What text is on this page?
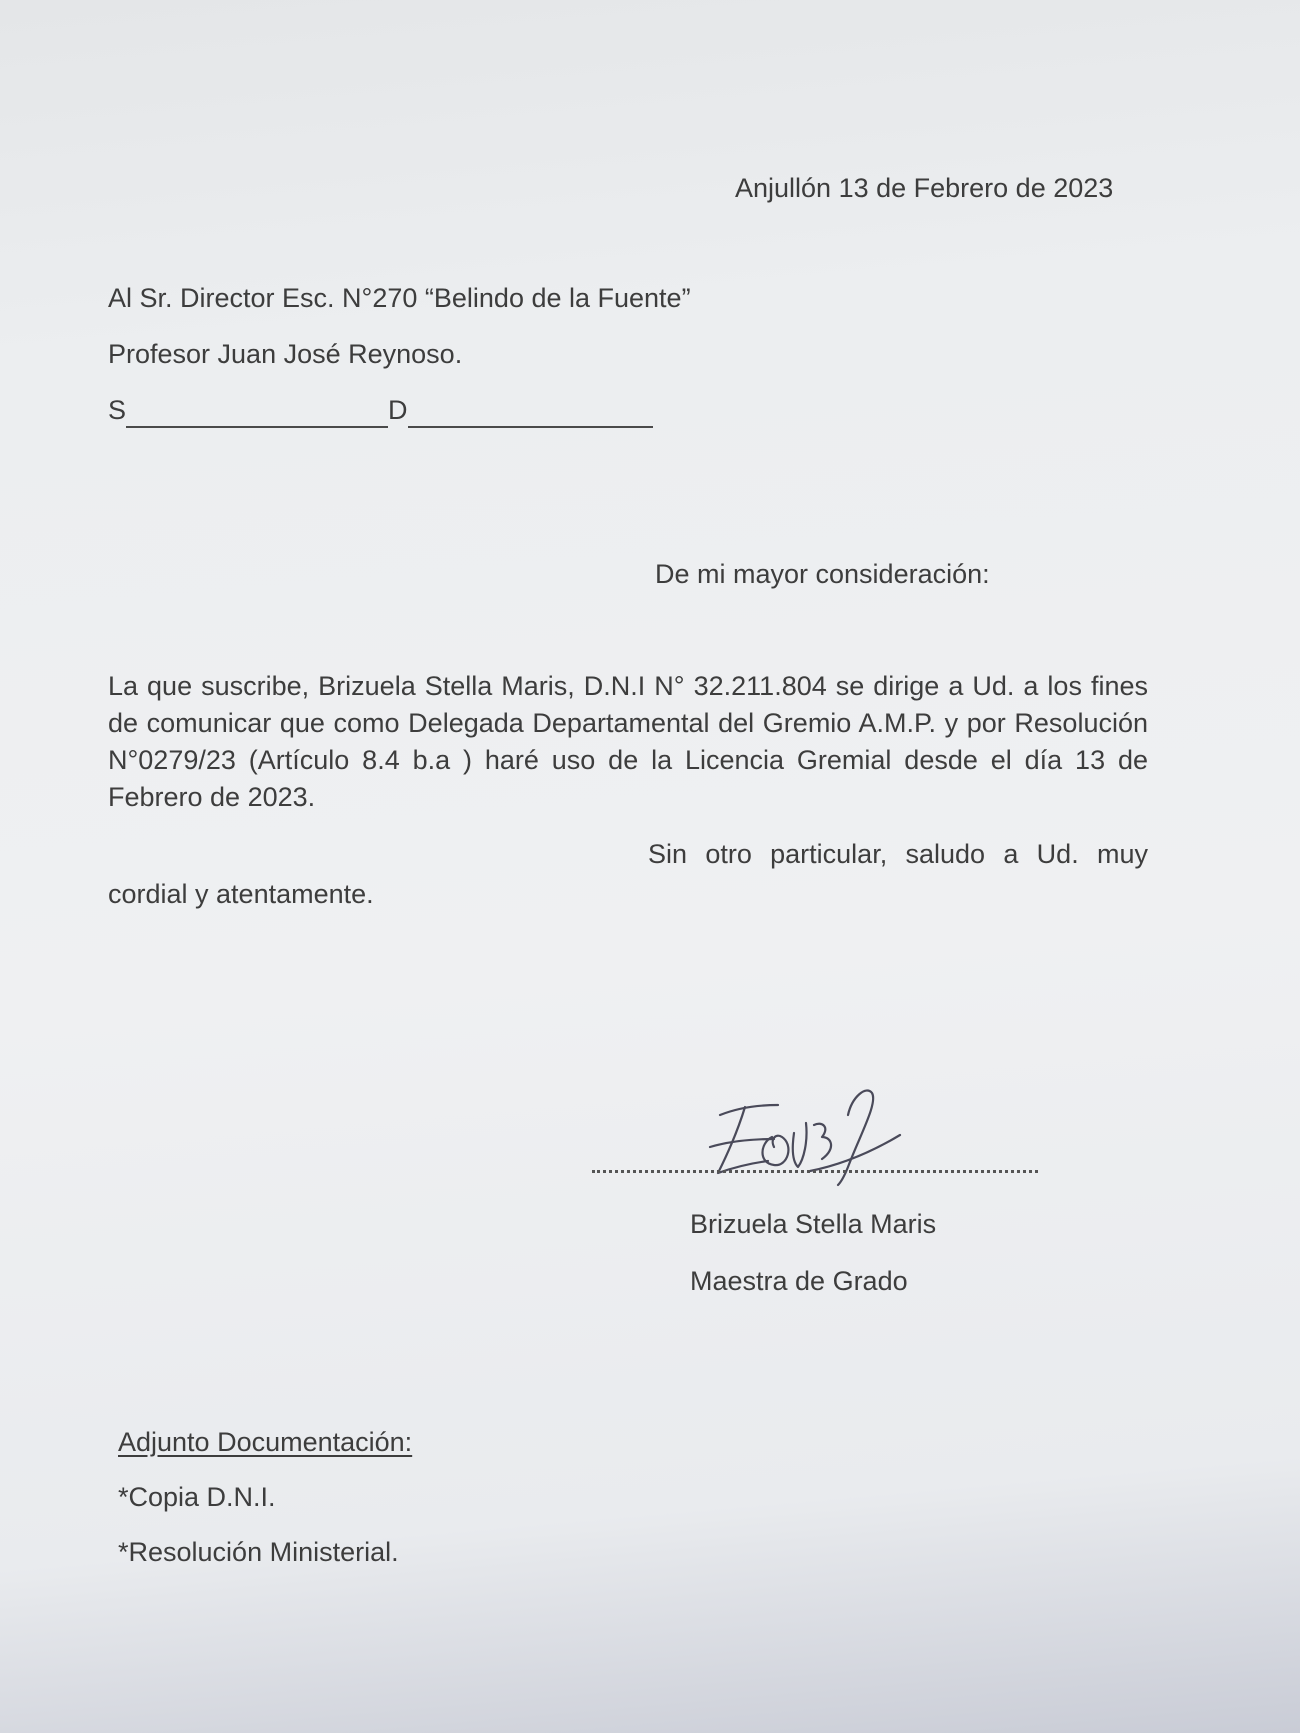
Anjullón 13 de Febrero de 2023
Al Sr. Director Esc. N°270 “Belindo de la Fuente”
Profesor Juan José Reynoso.
S	D
De mi mayor consideración:
La que suscribe, Brizuela Stella Maris, D.N.I N° 32.211.804 se dirige a Ud. a los fines de comunicar que como Delegada Departamental del Gremio A.M.P. y por Resolución N°0279/23 (Artículo 8.4 b.a ) haré uso de la Licencia Gremial desde el día 13 de Febrero de 2023.
Sin otro particular, saludo a Ud. muy cordial y atentamente.
Brizuela Stella Maris
Maestra de Grado
Adjunto Documentación:
*Copia D.N.I.
*Resolución Ministerial.
